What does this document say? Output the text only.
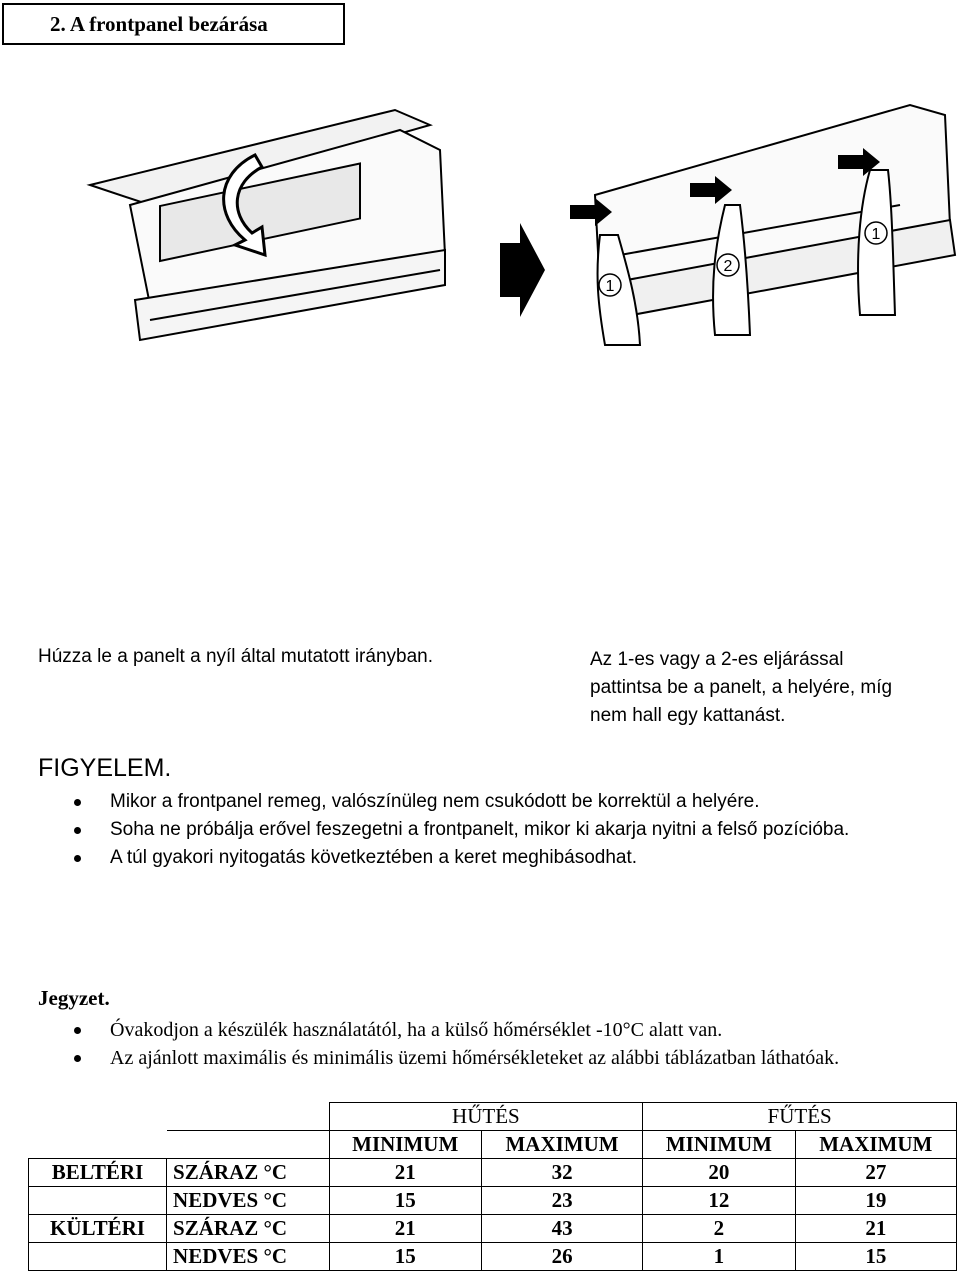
2. A frontpanel bezárása
1
2
1
Húzza le a panelt a nyíl által mutatott irányban.	Az 1-es vagy a 2-es eljárással
pattintsa be a panelt, a helyére, míg
nem hall egy kattanást.
FIGYELEM.
Mikor a frontpanel remeg, valószínüleg nem csukódott be korrektül a helyére.
Soha ne próbálja erővel feszegetni a frontpanelt, mikor ki akarja nyitni a felső pozícióba.
A túl gyakori nyitogatás következtében a keret meghibásodhat.
Jegyzet.
Óvakodjon a készülék használatától, ha a külső hőmérséklet -10°C alatt van.
Az ajánlott maximális és minimális üzemi hőmérsékleteket az alábbi táblázatban láthatóak.
		HŰTÉS		FŰTÉS	
		MINIMUM	MAXIMUM	MINIMUM	MAXIMUM
BELTÉRI	SZÁRAZ °C	21	32	20	27
	NEDVES °C	15	23	12	19
KÜLTÉRI	SZÁRAZ °C	21	43	2	21
	NEDVES °C	15	26	1	15
